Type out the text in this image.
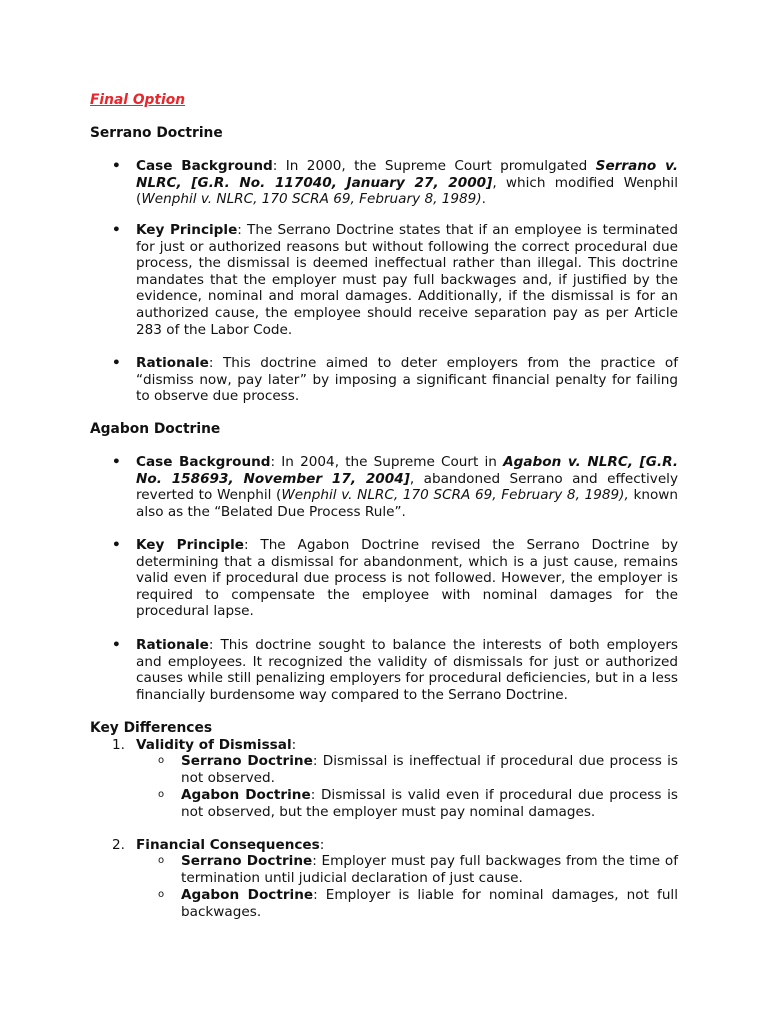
Final Option

Serrano Doctrine

• Case Background: In 2000, the Supreme Court promulgated Serrano v. NLRC, [G.R. No. 117040, January 27, 2000], which modified Wenphil (Wenphil v. NLRC, 170 SCRA 69, February 8, 1989).
• Key Principle: The Serrano Doctrine states that if an employee is terminated for just or authorized reasons but without following the correct procedural due process, the dismissal is deemed ineffectual rather than illegal. This doctrine mandates that the employer must pay full backwages and, if justified by the evidence, nominal and moral damages. Additionally, if the dismissal is for an authorized cause, the employee should receive separation pay as per Article 283 of the Labor Code.
• Rationale: This doctrine aimed to deter employers from the practice of “dismiss now, pay later” by imposing a significant financial penalty for failing to observe due process.

Agabon Doctrine

• Case Background: In 2004, the Supreme Court in Agabon v. NLRC, [G.R. No. 158693, November 17, 2004], abandoned Serrano and effectively reverted to Wenphil (Wenphil v. NLRC, 170 SCRA 69, February 8, 1989), known also as the “Belated Due Process Rule”.
• Key Principle: The Agabon Doctrine revised the Serrano Doctrine by determining that a dismissal for abandonment, which is a just cause, remains valid even if procedural due process is not followed. However, the employer is required to compensate the employee with nominal damages for the procedural lapse.
• Rationale: This doctrine sought to balance the interests of both employers and employees. It recognized the validity of dismissals for just or authorized causes while still penalizing employers for procedural deficiencies, but in a less financially burdensome way compared to the Serrano Doctrine.

Key Differences

1. Validity of Dismissal:
o Serrano Doctrine: Dismissal is ineffectual if procedural due process is not observed.
o Agabon Doctrine: Dismissal is valid even if procedural due process is not observed, but the employer must pay nominal damages.
2. Financial Consequences:
o Serrano Doctrine: Employer must pay full backwages from the time of termination until judicial declaration of just cause.
o Agabon Doctrine: Employer is liable for nominal damages, not full backwages.
